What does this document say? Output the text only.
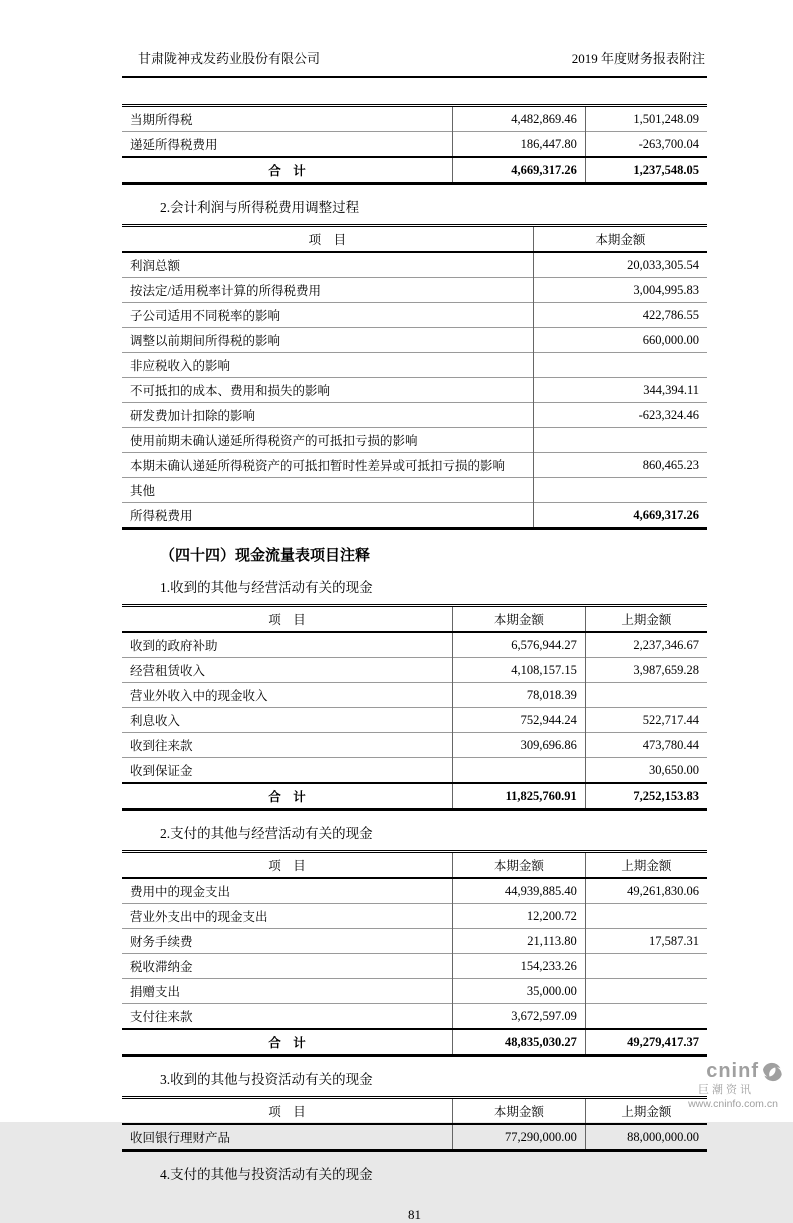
甘肃陇神戎发药业股份有限公司	2019 年度财务报表附注
当期所得税	4,482,869.46	1,501,248.09
递延所得税费用	186,447.80	-263,700.04
合　计	4,669,317.26	1,237,548.05
2.会计利润与所得税费用调整过程
项　目	本期金额
利润总额	20,033,305.54
按法定/适用税率计算的所得税费用	3,004,995.83
子公司适用不同税率的影响	422,786.55
调整以前期间所得税的影响	660,000.00
非应税收入的影响	
不可抵扣的成本、费用和损失的影响	344,394.11
研发费加计扣除的影响	-623,324.46
使用前期未确认递延所得税资产的可抵扣亏损的影响	
本期未确认递延所得税资产的可抵扣暂时性差异或可抵扣亏损的影响	860,465.23
其他	
所得税费用	4,669,317.26
（四十四）现金流量表项目注释
1.收到的其他与经营活动有关的现金
项　目	本期金额	上期金额
收到的政府补助	6,576,944.27	2,237,346.67
经营租赁收入	4,108,157.15	3,987,659.28
营业外收入中的现金收入	78,018.39	
利息收入	752,944.24	522,717.44
收到往来款	309,696.86	473,780.44
收到保证金		30,650.00
合　计	11,825,760.91	7,252,153.83
2.支付的其他与经营活动有关的现金
项　目	本期金额	上期金额
费用中的现金支出	44,939,885.40	49,261,830.06
营业外支出中的现金支出	12,200.72	
财务手续费	21,113.80	17,587.31
税收滞纳金	154,233.26	
捐赠支出	35,000.00	
支付往来款	3,672,597.09	
合　计	48,835,030.27	49,279,417.37
3.收到的其他与投资活动有关的现金
项　目	本期金额	上期金额
收回银行理财产品	77,290,000.00	88,000,000.00
4.支付的其他与投资活动有关的现金
81
cninf
巨潮资讯
www.cninfo.com.cn
